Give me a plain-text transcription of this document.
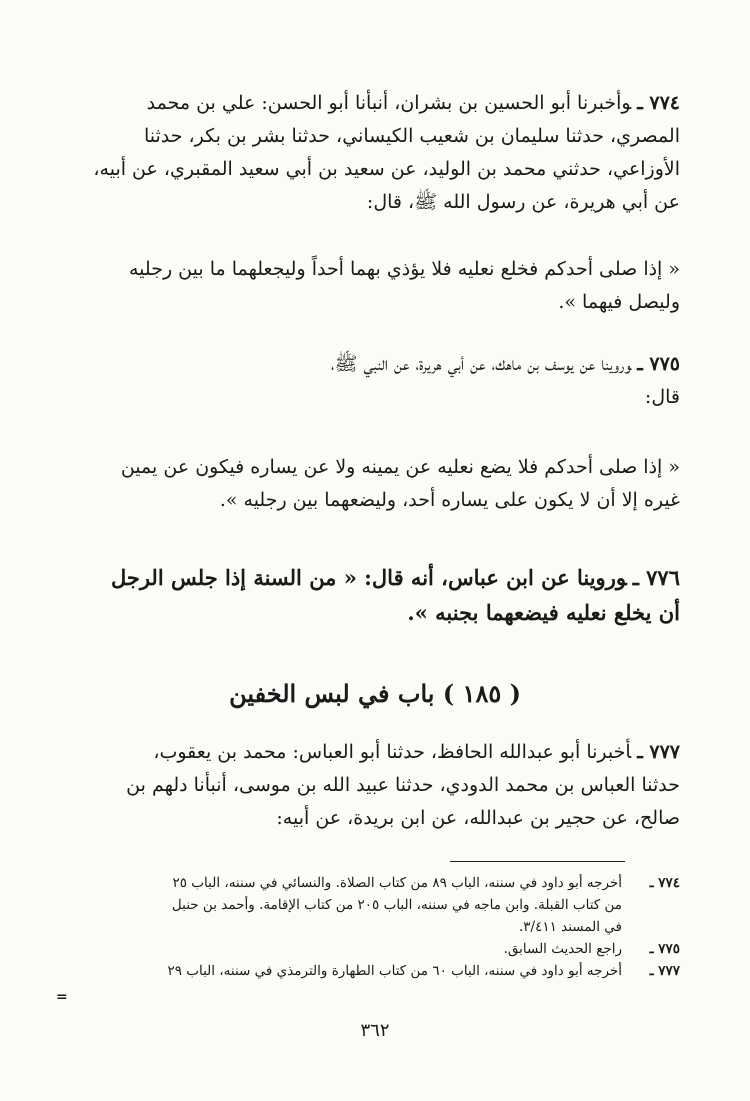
٧٧٤ ـوأخبرنا أبو الحسين بن بشران، أنبأنا أبو الحسن: علي بن محمد
المصري، حدثنا سليمان بن شعيب الكيساني، حدثنا بشر بن بكر، حدثنا
الأوزاعي، حدثني محمد بن الوليد، عن سعيد بن أبي سعيد المقبري، عن أبيه،
عن أبي هريرة، عن رسول الله ﷺ، قال:
« إذا صلى أحدكم فخلع نعليه فلا يؤذي بهما أحداً وليجعلهما ما بين رجليه
وليصل فيهما ».
٧٧٥ ـوروينا عن يوسف بن ماهك، عن أبي هريرة، عن النبي ﷺ،
قال:
« إذا صلى أحدكم فلا يضع نعليه عن يمينه ولا عن يساره فيكون عن يمين
غيره إلا أن لا يكون على يساره أحد، وليضعهما بين رجليه ».
٧٧٦ ـوروينا عن ابن عباس، أنه قال: « من السنة إذا جلس الرجل
أن يخلع نعليه فيضعهما بجنبه ».
( ١٨٥ ) باب في لبس الخفين
٧٧٧ ـأخبرنا أبو عبدالله الحافظ، حدثنا أبو العباس: محمد بن يعقوب،
حدثنا العباس بن محمد الدودي، حدثنا عبيد الله بن موسى، أنبأنا دلهم بن
صالح، عن حجير بن عبدالله، عن ابن بريدة، عن أبيه:
٧٧٤ ـ
أخرجه أبو داود في سننه، الباب ٨٩ من كتاب الصلاة. والنسائي في سننه، الباب ٢٥
من كتاب القبلة. وابن ماجه في سننه، الباب ٢٠٥ من كتاب الإقامة. وأحمد بن حنبل
في المسند ٣/٤١١.
٧٧٥ ـ
راجع الحديث السابق.
٧٧٧ ـ
أخرجه أبو داود في سننه، الباب ٦٠ من كتاب الطهارة والترمذي في سننه، الباب ٢٩
=
٣٦٢
